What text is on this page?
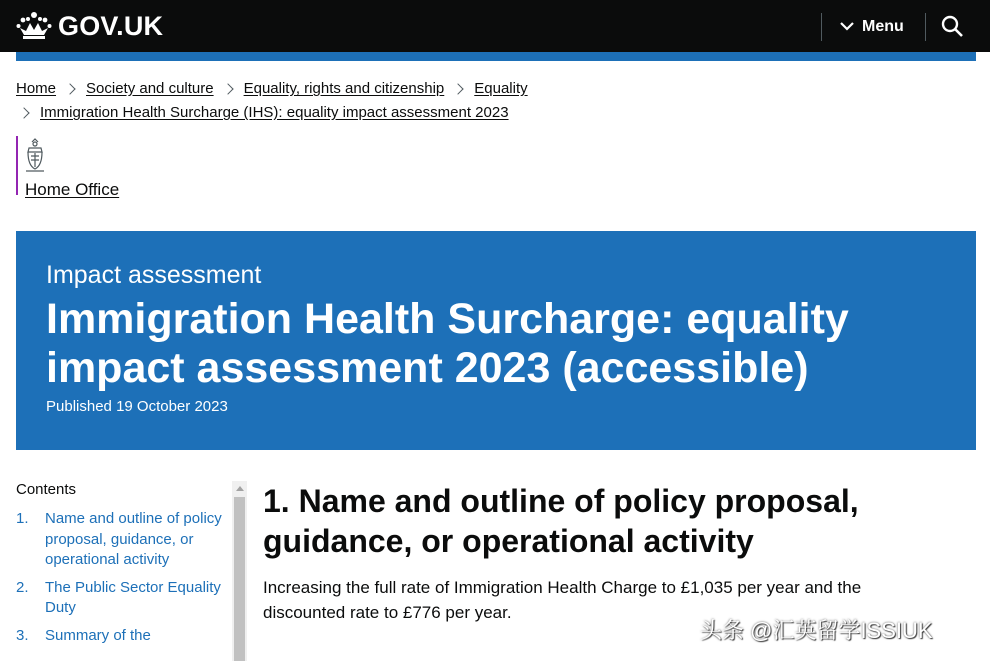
GOV.UK	Menu
Home Society and culture Equality, rights and citizenship Equality
Immigration Health Surcharge (IHS): equality impact assessment 2023
Home Office
Impact assessment
Immigration Health Surcharge: equality impact assessment 2023 (accessible)
Published 19 October 2023
Contents
1.	Name and outline of policy proposal, guidance, or operational activity
2.	The Public Sector Equality Duty
3.	Summary of the
1. Name and outline of policy proposal, guidance, or operational activity

Increasing the full rate of Immigration Health Charge to £1,035 per year and the discounted rate to £776 per year.

头条 @汇英留学ISSIUK
